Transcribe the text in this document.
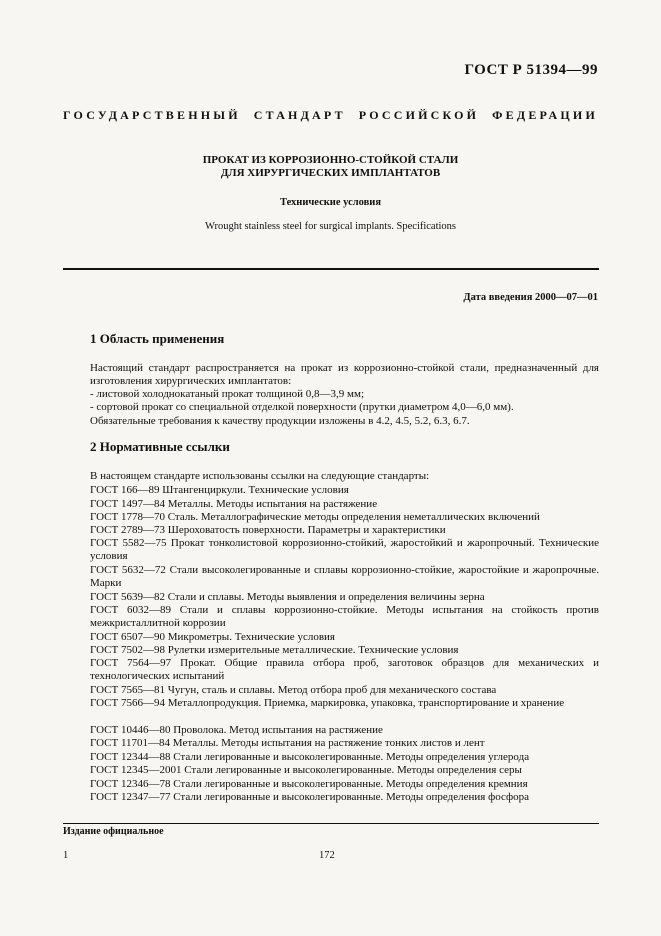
ГОСТ Р 51394—99
ГОСУДАРСТВЕННЫЙ СТАНДАРТ РОССИЙСКОЙ ФЕДЕРАЦИИ
ПРОКАТ ИЗ КОРРОЗИОННО-СТОЙКОЙ СТАЛИ
ДЛЯ ХИРУРГИЧЕСКИХ ИМПЛАНТАТОВ
Технические условия
Wrought stainless steel for surgical implants. Specifications
Дата введения 2000—07—01
1 Область применения
Настоящий стандарт распространяется на прокат из коррозионно-стойкой стали, предназначенный для изготовления хирургических имплантатов:
- листовой холоднокатаный прокат толщиной 0,8—3,9 мм;
- сортовой прокат со специальной отделкой поверхности (прутки диаметром 4,0—6,0 мм).
Обязательные требования к качеству продукции изложены в 4.2, 4.5, 5.2, 6.3, 6.7.
2 Нормативные ссылки
В настоящем стандарте использованы ссылки на следующие стандарты:
ГОСТ 166—89 Штангенциркули. Технические условия
ГОСТ 1497—84 Металлы. Методы испытания на растяжение
ГОСТ 1778—70 Сталь. Металлографические методы определения неметаллических включений
ГОСТ 2789—73 Шероховатость поверхности. Параметры и характеристики
ГОСТ 5582—75 Прокат тонколистовой коррозионно-стойкий, жаростойкий и жаропрочный. Технические условия
ГОСТ 5632—72 Стали высоколегированные и сплавы коррозионно-стойкие, жаростойкие и жаропрочные. Марки
ГОСТ 5639—82 Стали и сплавы. Методы выявления и определения величины зерна
ГОСТ 6032—89 Стали и сплавы коррозионно-стойкие. Методы испытания на стойкость против межкристаллитной коррозии
ГОСТ 6507—90 Микрометры. Технические условия
ГОСТ 7502—98 Рулетки измерительные металлические. Технические условия
ГОСТ 7564—97 Прокат. Общие правила отбора проб, заготовок образцов для механических и технологических испытаний
ГОСТ 7565—81 Чугун, сталь и сплавы. Метод отбора проб для механического состава
ГОСТ 7566—94 Металлопродукция. Приемка, маркировка, упаковка, транспортирование и хранение
ГОСТ 10446—80 Проволока. Метод испытания на растяжение
ГОСТ 11701—84 Металлы. Методы испытания на растяжение тонких листов и лент
ГОСТ 12344—88 Стали легированные и высоколегированные. Методы определения углерода
ГОСТ 12345—2001 Стали легированные и высоколегированные. Методы определения серы
ГОСТ 12346—78 Стали легированные и высоколегированные. Методы определения кремния
ГОСТ 12347—77 Стали легированные и высоколегированные. Методы определения фосфора
Издание официальное
1	172
